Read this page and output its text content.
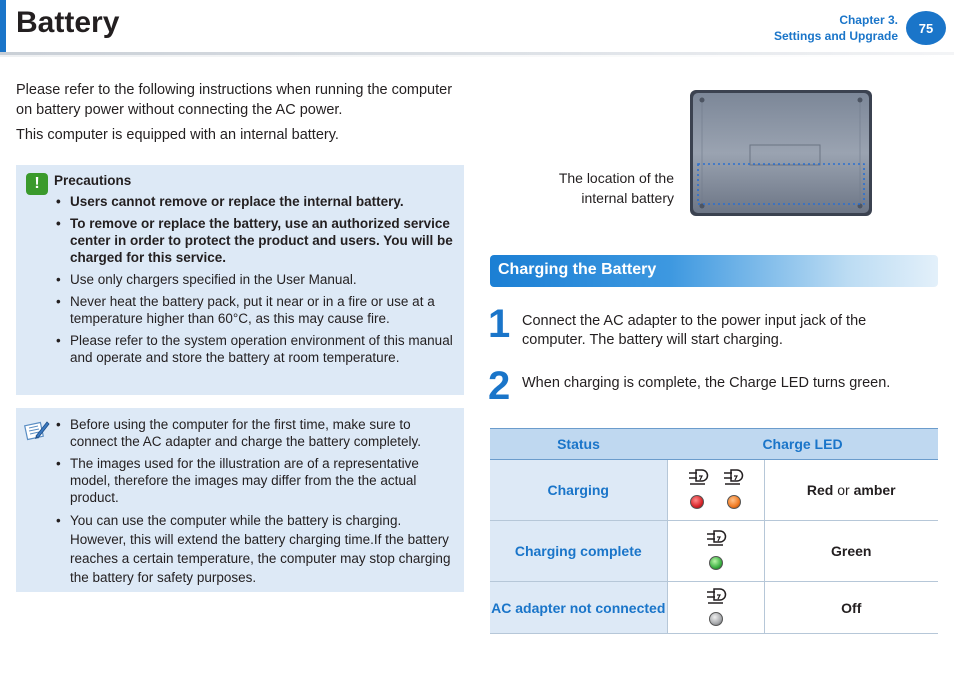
Battery	Chapter 3.
Settings and Upgrade
75

Please refer to the following instructions when running the computer on battery power without connecting the AC power.

This computer is equipped with an internal battery.

!	Precautions
• Users cannot remove or replace the internal battery.
• To remove or replace the battery, use an authorized service center in order to protect the product and users. You will be charged for this service.
• Use only chargers specified in the User Manual.
• Never heat the battery pack, put it near or in a fire or use at a temperature higher than 60°C, as this may cause fire.
• Please refer to the system operation environment of this manual and operate and store the battery at room temperature.
• Before using the computer for the first time, make sure to connect the AC adapter and charge the battery completely.
• The images used for the illustration are of a representative model, therefore the images may differ from the the actual product.
• You can use the computer while the battery is charging. However, this will extend the battery charging time.If the battery reaches a certain temperature, the computer may stop charging the battery for safety purposes.
The location of the internal battery
Charging the Battery
1 Connect the AC adapter to the power input jack of the computer. The battery will start charging.
2 When charging is complete, the Charge LED turns green.
Status	Charge LED	
Charging		Red or amber
Charging complete		Green
AC adapter not connected		Off
